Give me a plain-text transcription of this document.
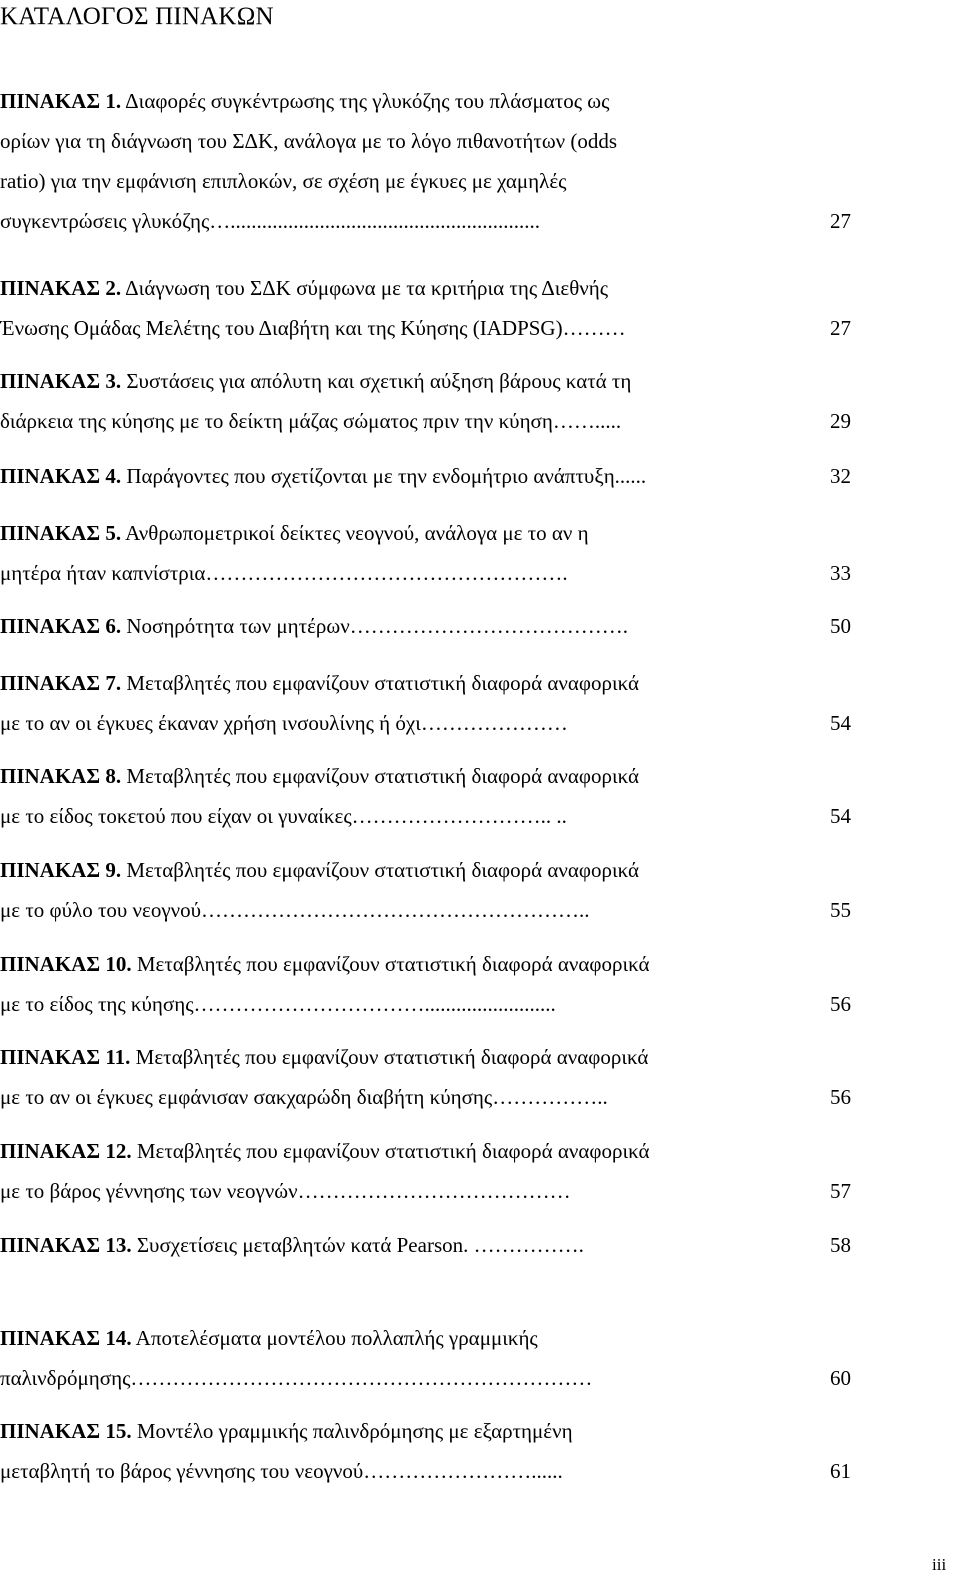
ΚΑΤΑΛΟΓΟΣ ΠΙΝΑΚΩΝ
ΠΙΝΑΚΑΣ 1. Διαφορές συγκέντρωσης της γλυκόζης του πλάσματος ως
ορίων για τη διάγνωση του ΣΔΚ, ανάλογα με το λόγο πιθανοτήτων (odds
ratio) για την εμφάνιση επιπλοκών, σε σχέση με έγκυες με χαμηλές
συγκεντρώσεις γλυκόζης…...........................................................	27
ΠΙΝΑΚΑΣ 2. Διάγνωση του ΣΔΚ σύμφωνα με τα κριτήρια της Διεθνής
Ένωσης Ομάδας Μελέτης του Διαβήτη και της Κύησης (IADPSG)………	27
ΠΙΝΑΚΑΣ 3. Συστάσεις για απόλυτη και σχετική αύξηση βάρους κατά τη
διάρκεια της κύησης με το δείκτη μάζας σώματος πριν την κύηση…….....	29
ΠΙΝΑΚΑΣ 4. Παράγοντες που σχετίζονται με την ενδομήτριο ανάπτυξη......	32
ΠΙΝΑΚΑΣ 5. Ανθρωπομετρικοί δείκτες νεογνού, ανάλογα με το αν η
μητέρα ήταν καπνίστρια…………………………………………….	33
ΠΙΝΑΚΑΣ 6. Νοσηρότητα των μητέρων………………………………….	50
ΠΙΝΑΚΑΣ 7. Μεταβλητές που εμφανίζουν στατιστική διαφορά αναφορικά
με το αν οι έγκυες έκαναν χρήση ινσουλίνης ή όχι…………………	54
ΠΙΝΑΚΑΣ 8. Μεταβλητές που εμφανίζουν στατιστική διαφορά αναφορικά
με το είδος τοκετού που είχαν οι γυναίκες……………………….. ..	54
ΠΙΝΑΚΑΣ 9. Μεταβλητές που εμφανίζουν στατιστική διαφορά αναφορικά
με το φύλο του νεογνού………………………………………………..	55
ΠΙΝΑΚΑΣ 10. Μεταβλητές που εμφανίζουν στατιστική διαφορά αναφορικά
με το είδος της κύησης…………………………….........................	56
ΠΙΝΑΚΑΣ 11. Μεταβλητές που εμφανίζουν στατιστική διαφορά αναφορικά
με το αν οι έγκυες εμφάνισαν σακχαρώδη διαβήτη κύησης……………..	56
ΠΙΝΑΚΑΣ 12. Μεταβλητές που εμφανίζουν στατιστική διαφορά αναφορικά
με το βάρος γέννησης των νεογνών…………………………………	57
ΠΙΝΑΚΑΣ 13. Συσχετίσεις μεταβλητών κατά Pearson. …………….	58
ΠΙΝΑΚΑΣ 14. Αποτελέσματα μοντέλου πολλαπλής γραμμικής
παλινδρόμησης…………………………………………………………	60
ΠΙΝΑΚΑΣ 15. Μοντέλο γραμμικής παλινδρόμησης με εξαρτημένη
μεταβλητή το βάρος γέννησης του νεογνού……………………......	61
iii
